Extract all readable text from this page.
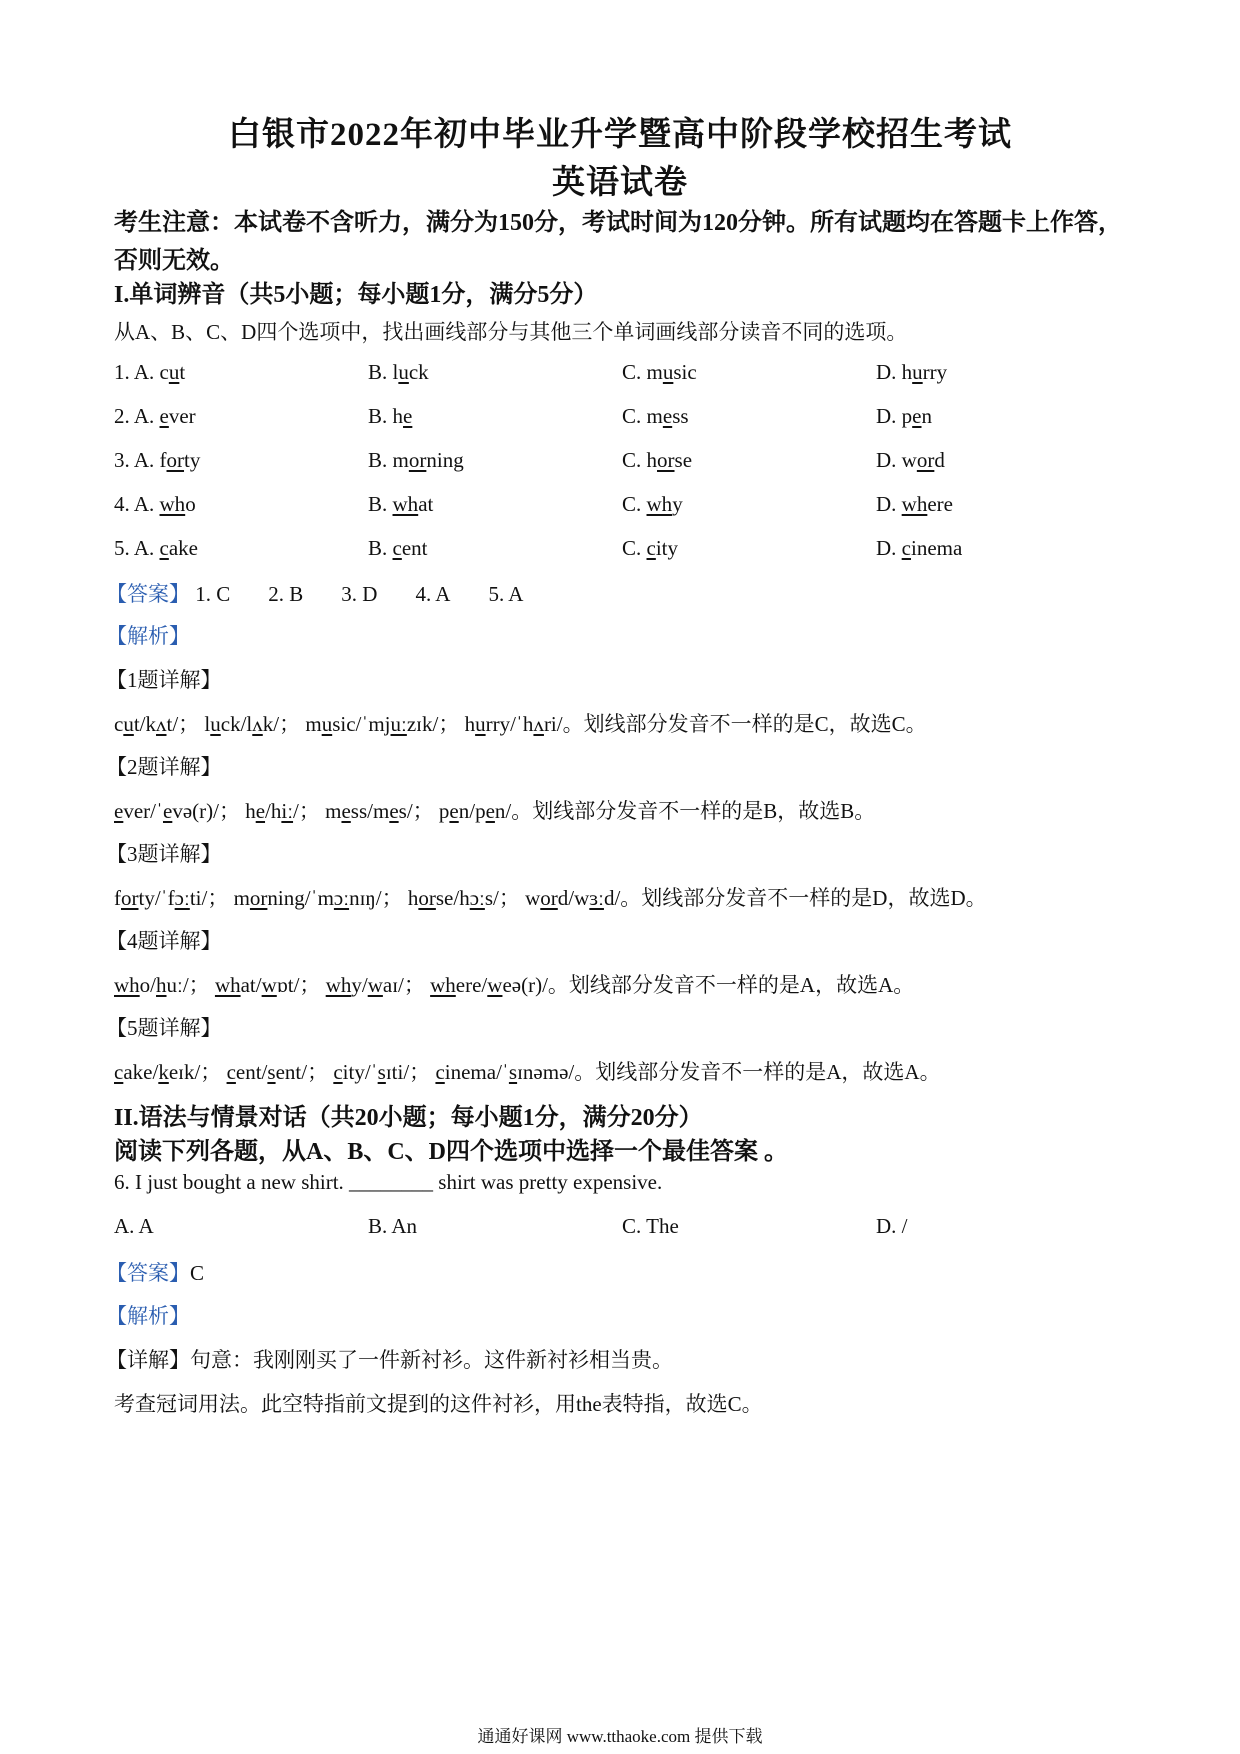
白银市2022年初中毕业升学暨高中阶段学校招生考试
英语试卷
考生注意：本试卷不含听力，满分为150分，考试时间为120分钟。所有试题均在答题卡上作答，否则无效。
I.单词辨音（共5小题；每小题1分，满分5分）
从A、B、C、D四个选项中，找出画线部分与其他三个单词画线部分读音不同的选项。
1. A. cut	B. luck	C. music	D. hurry
2. A. ever	B. he	C. mess	D. pen
3. A. forty	B. morning	C. horse	D. word
4. A. who	B. what	C. why	D. where
5. A. cake	B. cent	C. city	D. cinema
【答案】 1. C 2. B 3. D 4. A 5. A
【解析】
【1题详解】
cut/kʌt/； luck/lʌk/； music/ˈmjuːzɪk/； hurry/ˈhʌri/。划线部分发音不一样的是C，故选C。
【2题详解】
ever/ˈevə(r)/； he/hiː/； mess/mes/； pen/pen/。划线部分发音不一样的是B，故选B。
【3题详解】
forty/ˈfɔːti/； morning/ˈmɔːnɪŋ/； horse/hɔːs/； word/wɜːd/。划线部分发音不一样的是D，故选D。
【4题详解】
who/huː/； what/wɒt/； why/waɪ/； where/weə(r)/。划线部分发音不一样的是A，故选A。
【5题详解】
cake/keɪk/； cent/sent/； city/ˈsɪti/； cinema/ˈsɪnəmə/。划线部分发音不一样的是A，故选A。
II.语法与情景对话（共20小题；每小题1分，满分20分）
阅读下列各题，从A、B、C、D四个选项中选择一个最佳答案 。
6. I just bought a new shirt. ________ shirt was pretty expensive.
A. A	B. An	C. The	D. /
【答案】C
【解析】
【详解】句意：我刚刚买了一件新衬衫。这件新衬衫相当贵。
考查冠词用法。此空特指前文提到的这件衬衫，用the表特指，故选C。
通通好课网 www.tthaoke.com 提供下载
